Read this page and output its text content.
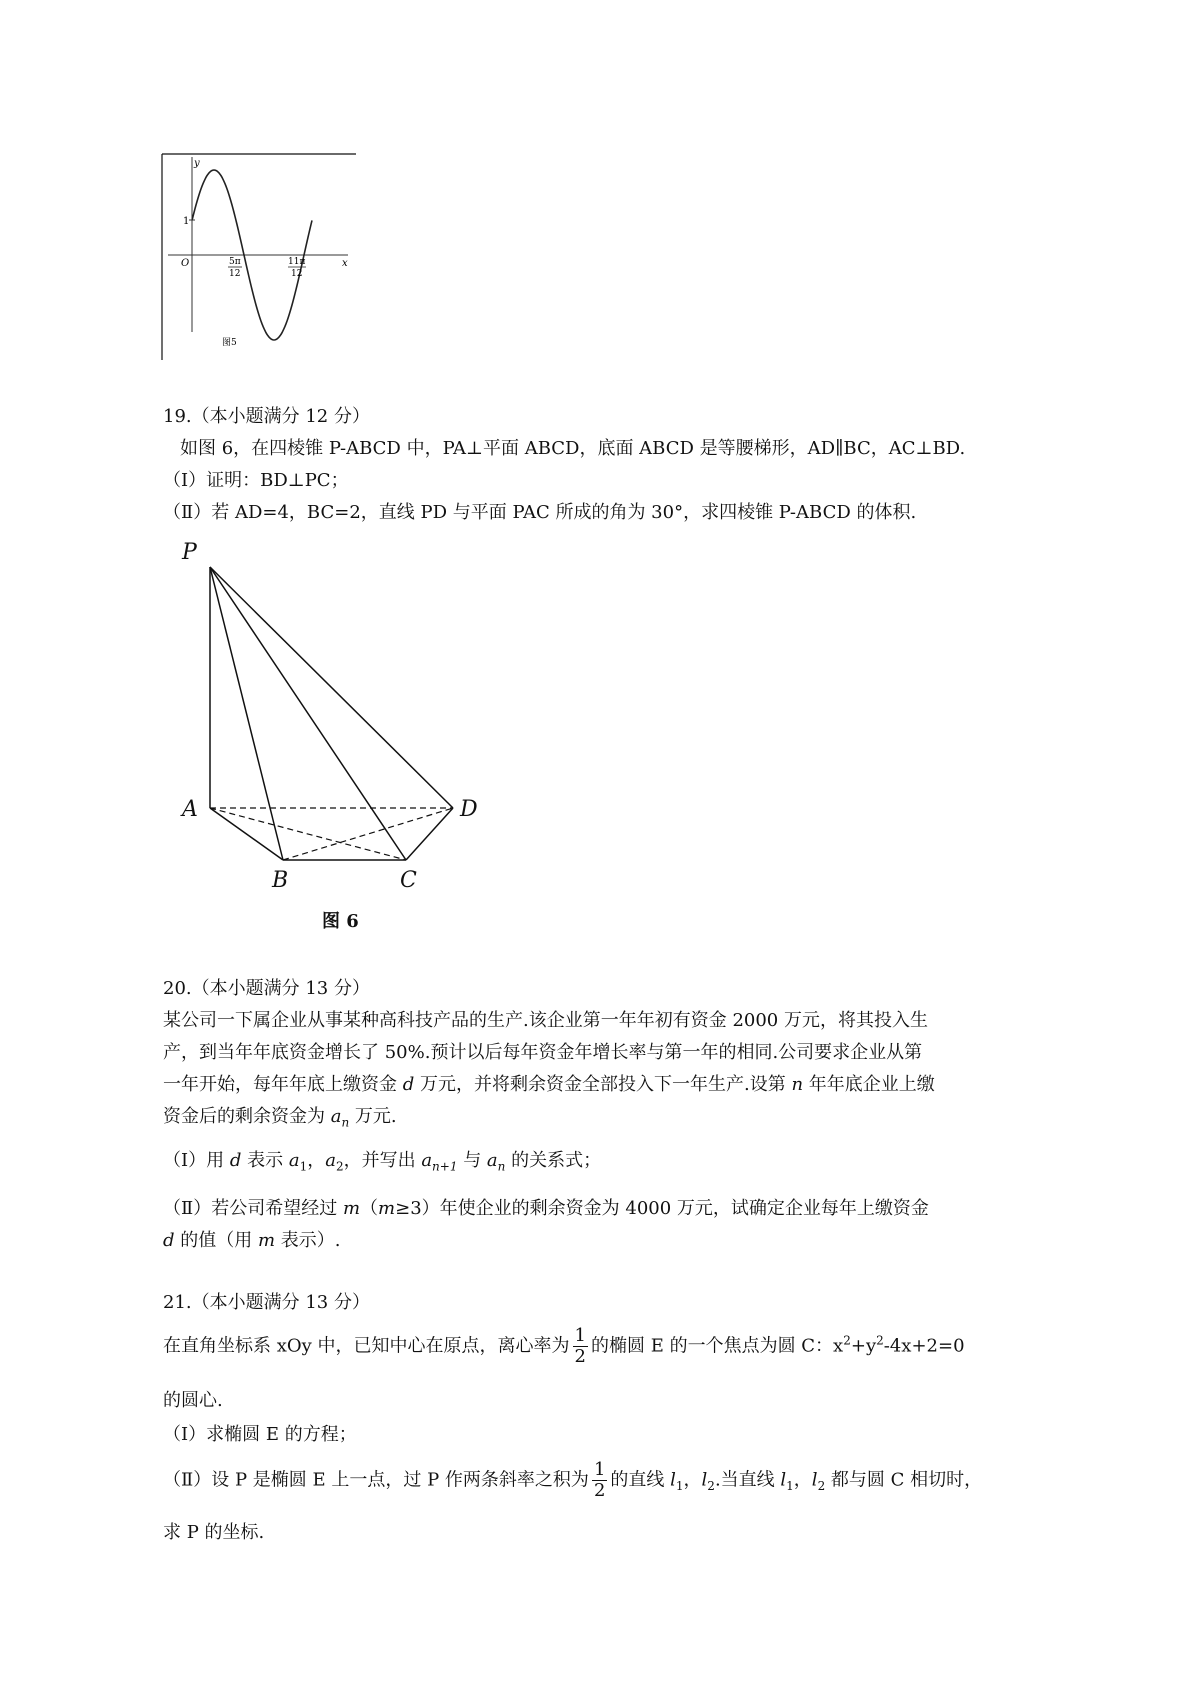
y
x
O
1
5π
12
11π
12
图5
19.（本小题满分 12 分）
如图 6，在四棱锥 P-ABCD 中，PA⊥平面 ABCD，底面 ABCD 是等腰梯形，AD∥BC，AC⊥BD.
（Ⅰ）证明：BD⊥PC；
（Ⅱ）若 AD=4，BC=2，直线 PD 与平面 PAC 所成的角为 30°，求四棱锥 P-ABCD 的体积.
P
A
B	C
D
图 6
20.（本小题满分 13 分）
某公司一下属企业从事某种高科技产品的生产.该企业第一年年初有资金 2000 万元，将其投入生
产，到当年年底资金增长了 50%.预计以后每年资金年增长率与第一年的相同.公司要求企业从第
一年开始，每年年底上缴资金 d 万元，并将剩余资金全部投入下一年生产.设第 n 年年底企业上缴
资金后的剩余资金为 $a_n$ 万元.
（Ⅰ）用 d 表示 $a_1$，$a_2$，并写出 $a_{n+1}$ 与 $a_n$ 的关系式；
（Ⅱ）若公司希望经过 m（m≥3）年使企业的剩余资金为 4000 万元，试确定企业每年上缴资金
d 的值（用 m 表示）.
21.（本小题满分 13 分）
在直角坐标系 xOy 中，已知中心在原点，离心率为 $\frac{1}{2}$ 的椭圆 E 的一个焦点为圆 C：$x^2+y^2-4x+2=0$
的圆心.
（Ⅰ）求椭圆 E 的方程；
（Ⅱ）设 P 是椭圆 E 上一点，过 P 作两条斜率之积为 $\frac{1}{2}$ 的直线 $l_1$，$l_2$.当直线 $l_1$，$l_2$ 都与圆 C 相切时，
求 P 的坐标.
